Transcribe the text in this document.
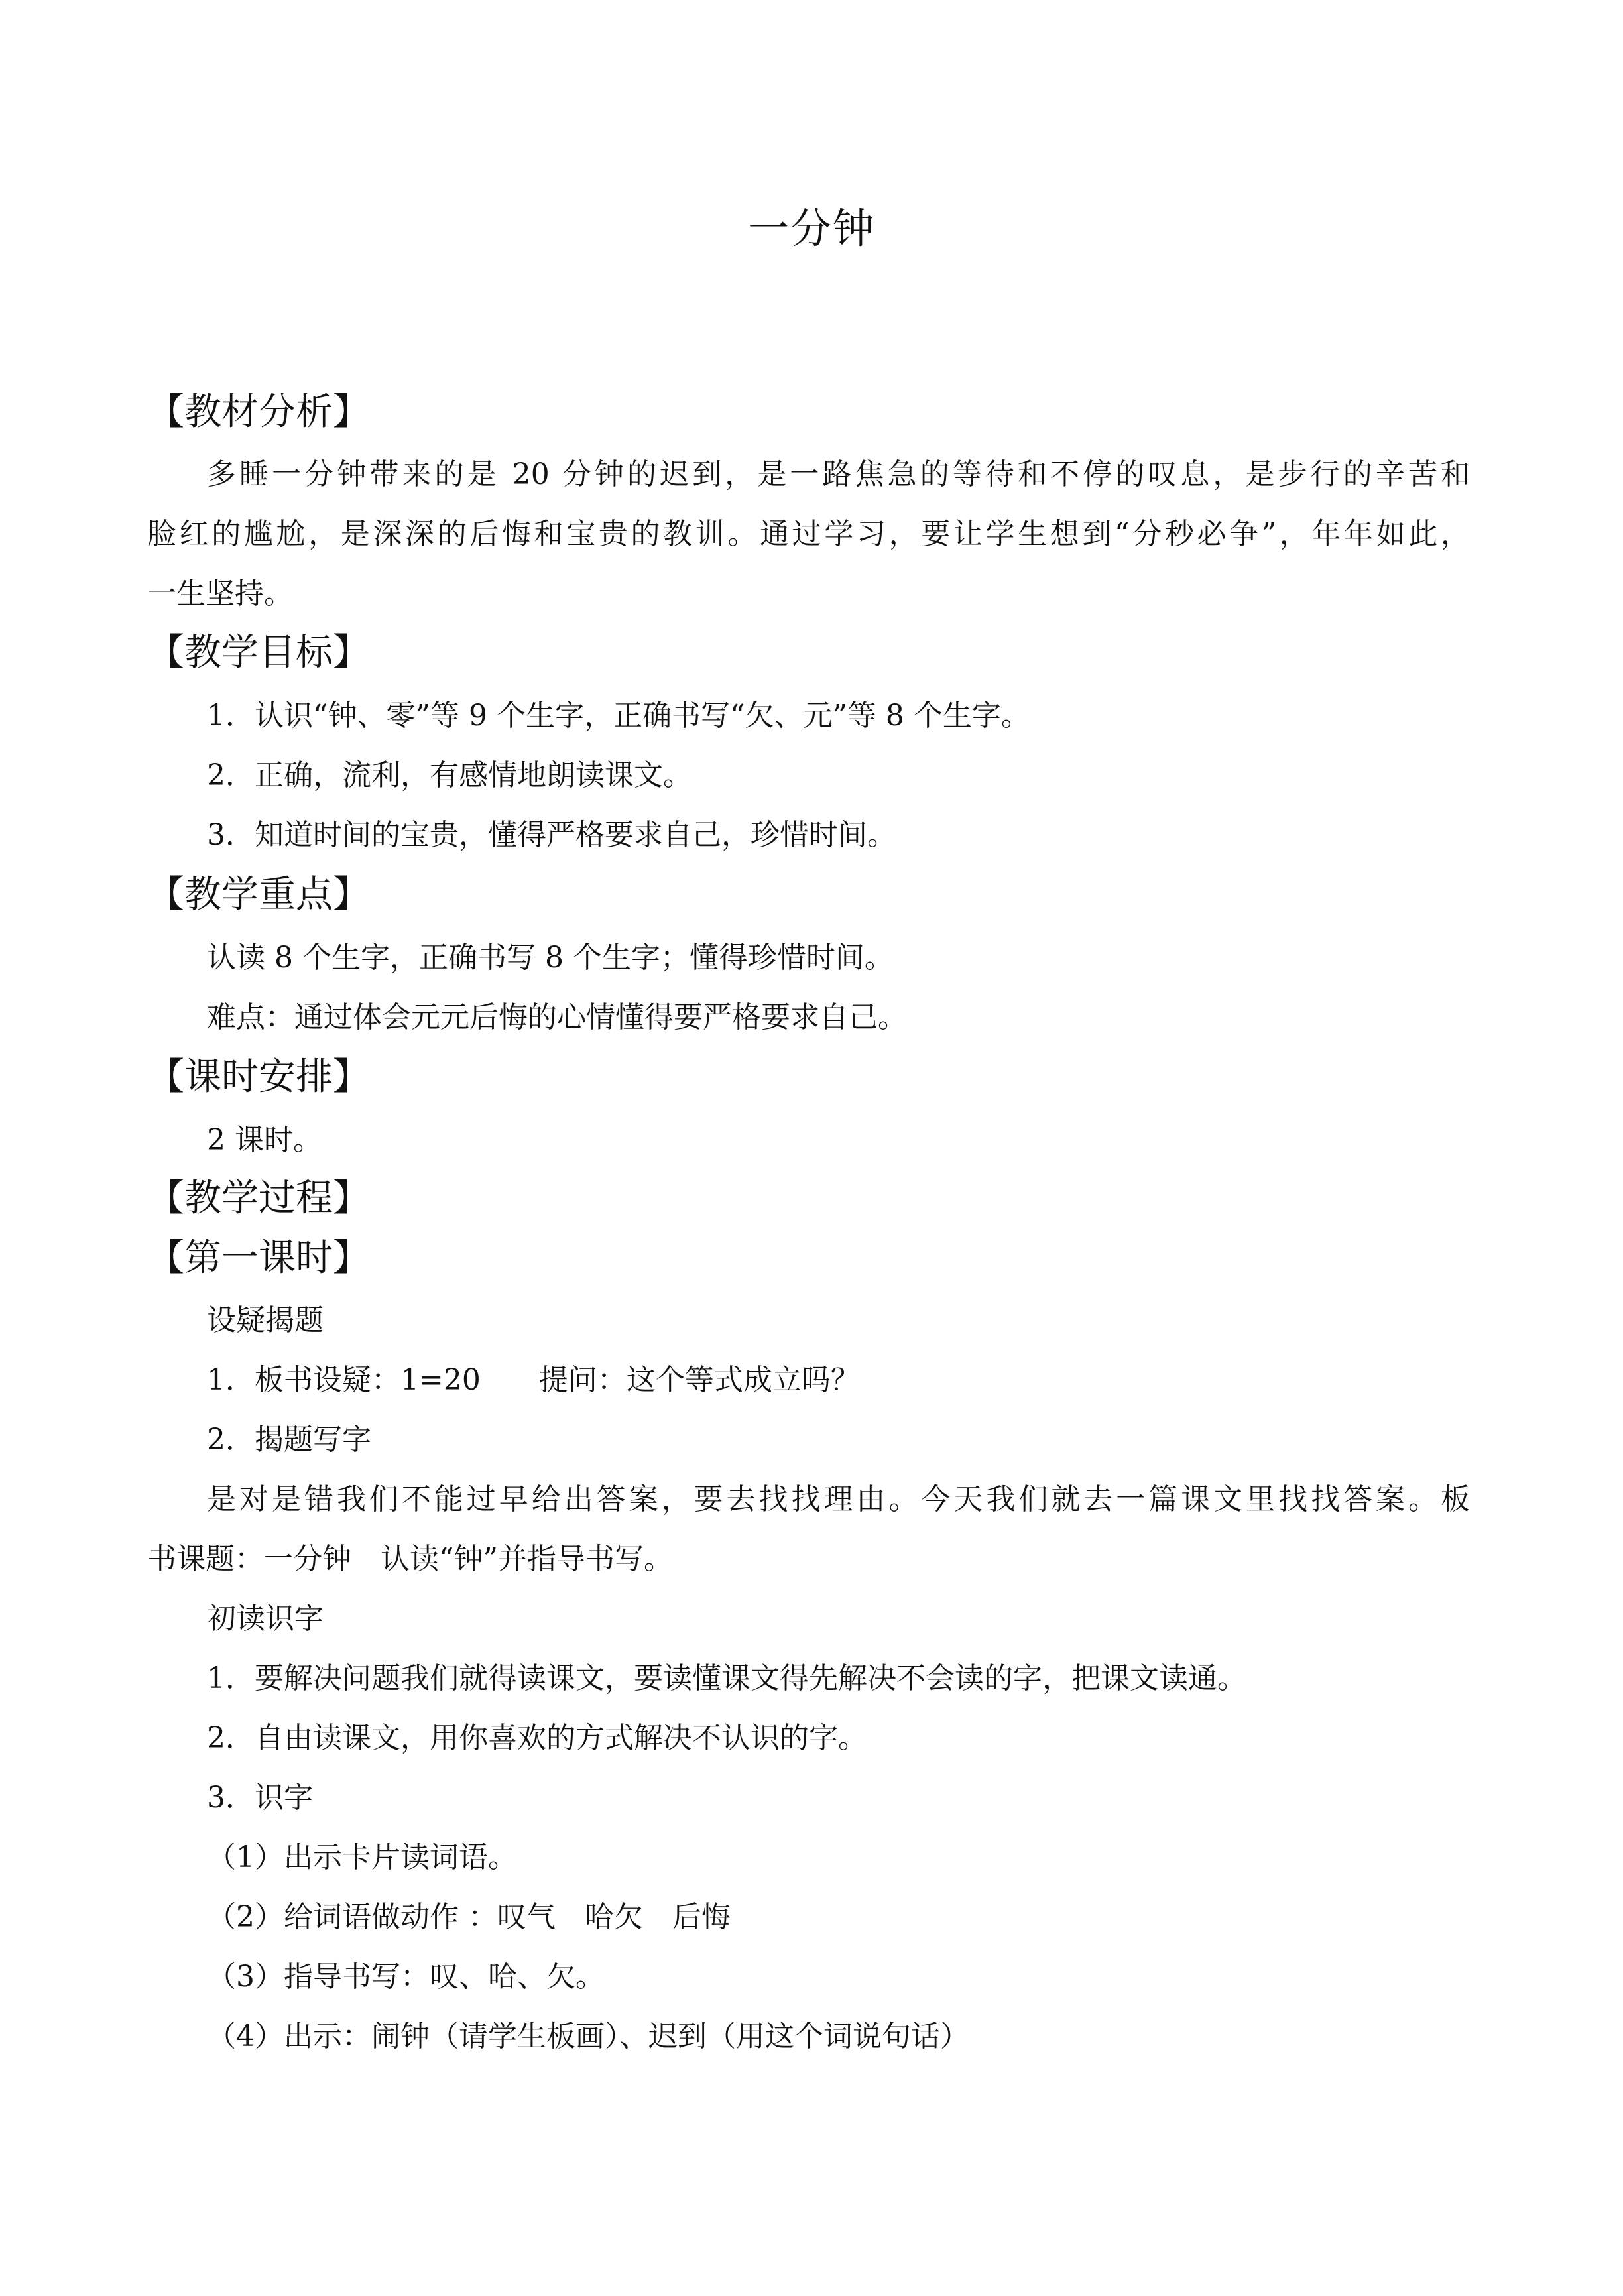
一分钟
【教材分析】
多睡一分钟带来的是 20 分钟的迟到，是一路焦急的等待和不停的叹息，是步行的辛苦和
脸红的尴尬，是深深的后悔和宝贵的教训。通过学习，要让学生想到“分秒必争”，年年如此，
一生坚持。
【教学目标】
1．认识“钟、零”等 9 个生字，正确书写“欠、元”等 8 个生字。
2．正确，流利，有感情地朗读课文。
3．知道时间的宝贵，懂得严格要求自己，珍惜时间。
【教学重点】
认读 8 个生字，正确书写 8 个生字；懂得珍惜时间。
难点：通过体会元元后悔的心情懂得要严格要求自己。
【课时安排】
2 课时。
【教学过程】
【第一课时】
设疑揭题
1．板书设疑：1=20　　提问：这个等式成立吗？
2．揭题写字
是对是错我们不能过早给出答案，要去找找理由。今天我们就去一篇课文里找找答案。板
书课题：一分钟　认读“钟”并指导书写。
初读识字
1．要解决问题我们就得读课文，要读懂课文得先解决不会读的字，把课文读通。
2．自由读课文，用你喜欢的方式解决不认识的字。
3．识字
（1）出示卡片读词语。
（2）给词语做动作 ：叹气　哈欠　后悔
（3）指导书写：叹、哈、欠。
（4）出示：闹钟（请学生板画）、迟到（用这个词说句话）
